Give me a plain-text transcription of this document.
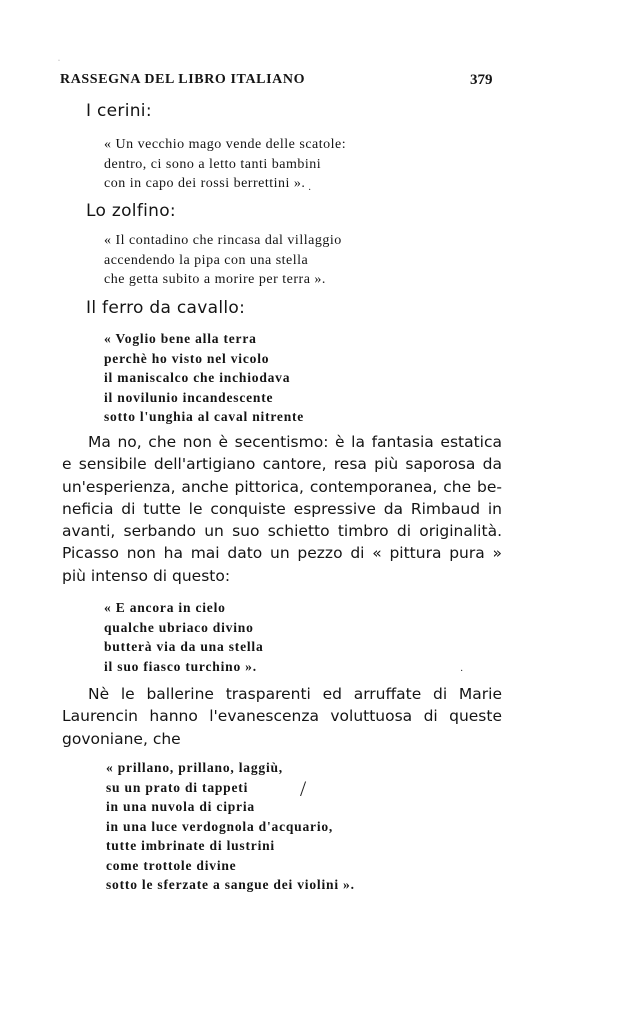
RASSEGNA DEL LIBRO ITALIANO	379
I cerini:
« Un vecchio mago vende delle scatole:
dentro, ci sono a letto tanti bambini
con in capo dei rossi berrettini ».
Lo zolfino:
« Il contadino che rincasa dal villaggio
accendendo la pipa con una stella
che getta subito a morire per terra ».
Il ferro da cavallo:
« Voglio bene alla terra
perchè ho visto nel vicolo
il maniscalco che inchiodava
il novilunio incandescente
sotto l'unghia al caval nitrente
Ma no, che non è secentismo: è la fantasia estatica
e sensibile dell'artigiano cantore, resa più saporosa da
un'esperienza, anche pittorica, contemporanea, che be-
neficia di tutte le conquiste espressive da Rimbaud in
avanti, serbando un suo schietto timbro di originalità.
Picasso non ha mai dato un pezzo di « pittura pura »
più intenso di questo:
« E ancora in cielo
qualche ubriaco divino
butterà via da una stella
il suo fiasco turchino ».
Nè le ballerine trasparenti ed arruffate di Marie
Laurencin hanno l'evanescenza voluttuosa di queste
govoniane, che
« prillano, prillano, laggiù,
su un prato di tappeti
in una nuvola di cipria
in una luce verdognola d'acquario,
tutte imbrinate di lustrini
come trottole divine
sotto le sferzate a sangue dei violini ».
·
·
·
/
